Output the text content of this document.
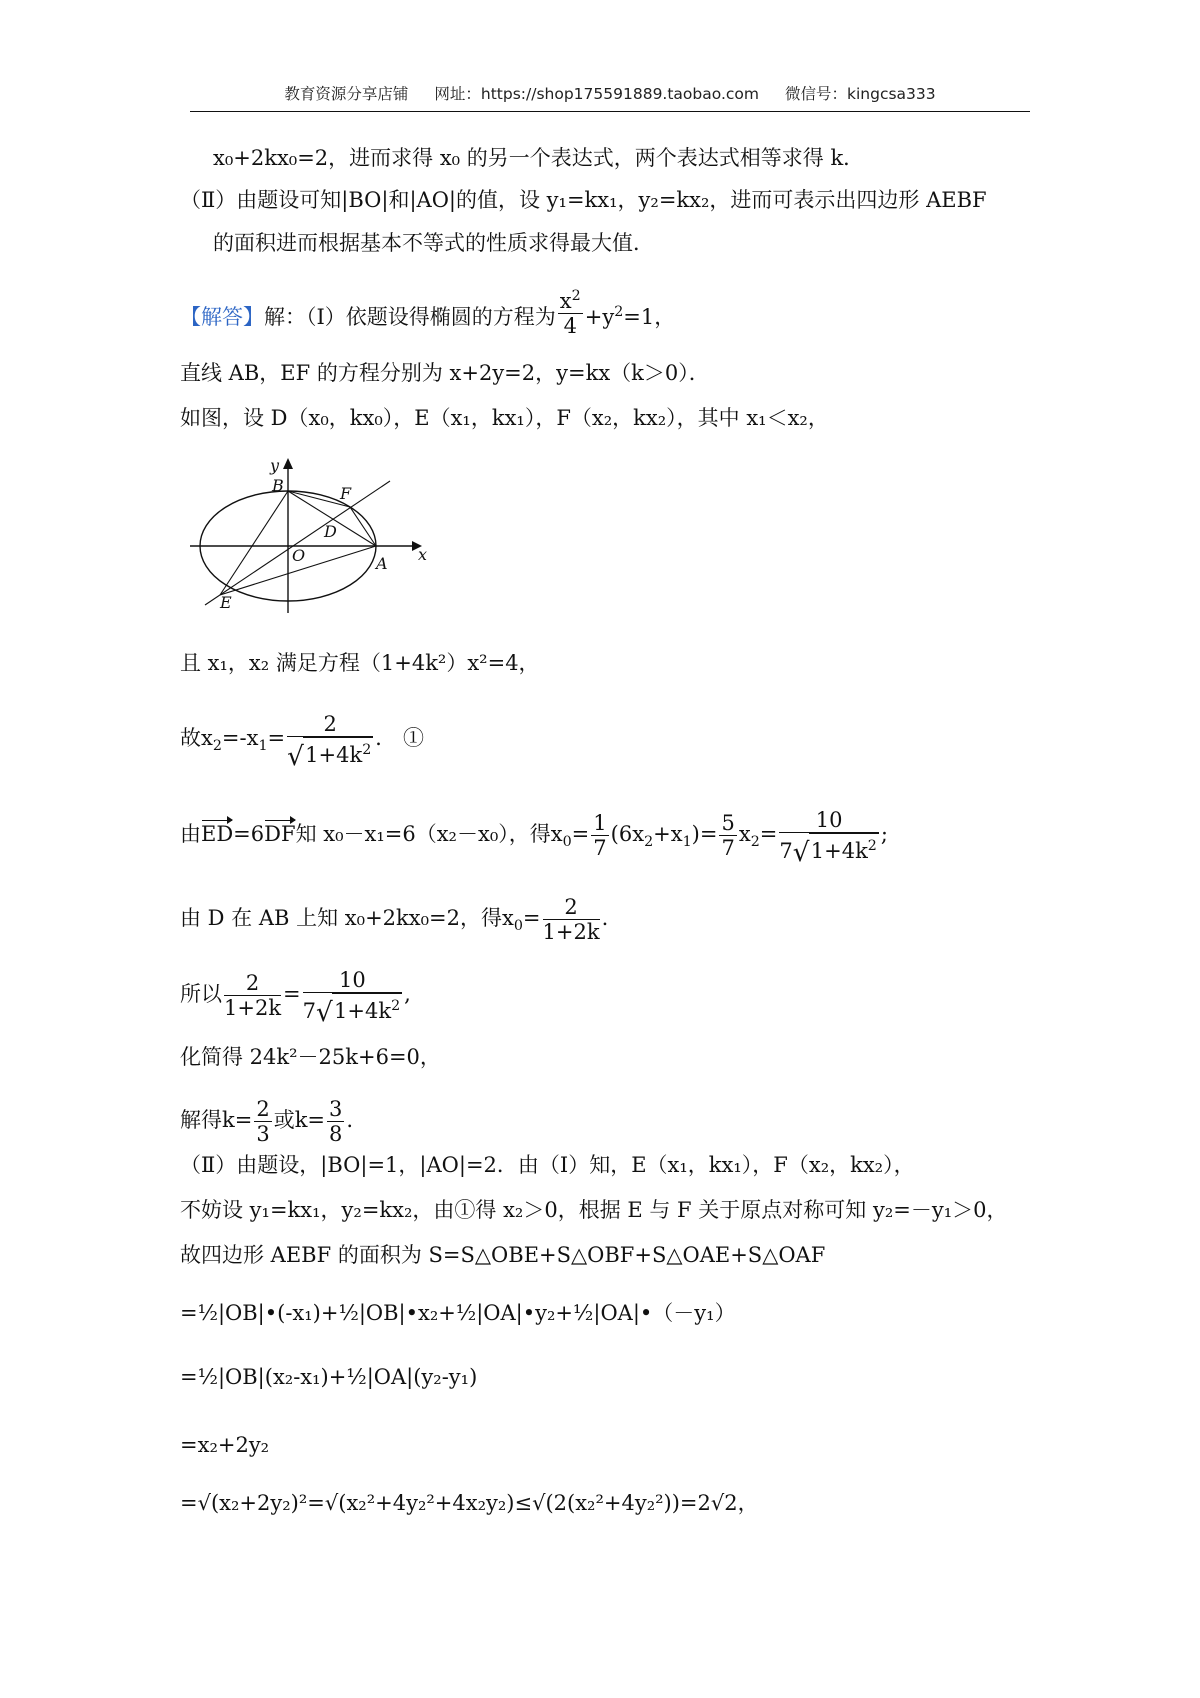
教育资源分享店铺 网址：https://shop175591889.taobao.com 微信号：kingcsa333
x₀+2kx₀=2，进而求得 x₀ 的另一个表达式，两个表达式相等求得 k．
（Ⅱ）由题设可知|BO|和|AO|的值，设 y₁=kx₁，y₂=kx₂，进而可表示出四边形 AEBF
的面积进而根据基本不等式的性质求得最大值．
【解答】解：（Ⅰ）依题设得椭圆的方程为 $\frac{x^2}{4} +y^2=1$，
直线 AB，EF 的方程分别为 x+2y=2，y=kx（k＞0）．
如图，设 D（x₀，kx₀），E（x₁，kx₁），F（x₂，kx₂），其中 x₁＜x₂，
y
x
B	F
D
O	A
E
且 x₁，x₂ 满足方程（1+4k²）x²=4，
故$x_2=-x_1= 2$
√ $1+4k^2$ ． ①
由ED=6DF知 x₀－x₁=6（x₂－x₀），得$x_0= \frac{1}{7} (6x_2+x_1)= \frac{5}{7} x_2= \frac{10}{7 √ 1+4k^2}$ ;
由 D 在 AB 上知 x₀+2kx₀=2，得$x_0= \frac{2}{1+2k}$ .
所以 $\frac{2}{1+2k} = \frac{10}{7 √ 1+4k^2}$ ,
化简得 24k²－25k+6=0，
解得$k= \frac{2}{3}$ 或$k= \frac{3}{8}$ .
（Ⅱ）由题设，|BO|=1，|AO|=2．由（Ⅰ）知，E（x₁，kx₁），F（x₂，kx₂），
不妨设 y₁=kx₁，y₂=kx₂，由①得 x₂＞0，根据 E 与 F 关于原点对称可知 y₂=－y₁＞0，
故四边形 AEBF 的面积为 S=S△OBE+S△OBF+S△OAE+S△OAF
=½|OB|•(-x₁)+½|OB|•x₂+½|OA|•y₂+½|OA|•（－y₁）
=½|OB|(x₂-x₁)+½|OA|(y₂-y₁)
=x₂+2y₂
=√(x₂+2y₂)²=√(x₂²+4y₂²+4x₂y₂)≤√(2(x₂²+4y₂²))=2√2，
